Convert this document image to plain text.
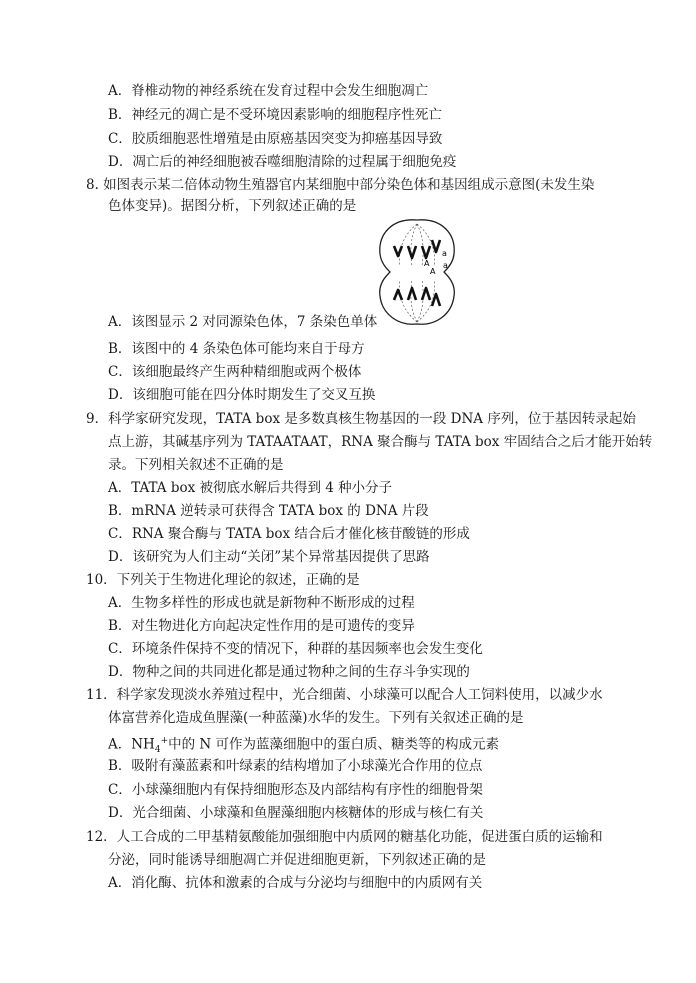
A．脊椎动物的神经系统在发育过程中会发生细胞凋亡
B．神经元的凋亡是不受环境因素影响的细胞程序性死亡
C．胶质细胞恶性增殖是由原癌基因突变为抑癌基因导致
D．凋亡后的神经细胞被吞噬细胞清除的过程属于细胞免疫
8. 如图表示某二倍体动物生殖器官内某细胞中部分染色体和基因组成示意图(未发生染
色体变异)。据图分析，下列叙述正确的是
a
a
A
A
A．该图显示 2 对同源染色体，7 条染色单体
B．该图中的 4 条染色体可能均来自于母方
C．该细胞最终产生两种精细胞或两个极体
D．该细胞可能在四分体时期发生了交叉互换
9．科学家研究发现，TATA box 是多数真核生物基因的一段 DNA 序列，位于基因转录起始
点上游，其碱基序列为 TATAATAAT，RNA 聚合酶与 TATA box 牢固结合之后才能开始转
录。下列相关叙述不正确的是
A．TATA box 被彻底水解后共得到 4 种小分子
B．mRNA 逆转录可获得含 TATA box 的 DNA 片段
C．RNA 聚合酶与 TATA box 结合后才催化核苷酸链的形成
D．该研究为人们主动“关闭”某个异常基因提供了思路
10．下列关于生物进化理论的叙述，正确的是
A．生物多样性的形成也就是新物种不断形成的过程
B．对生物进化方向起决定性作用的是可遗传的变异
C．环境条件保持不变的情况下，种群的基因频率也会发生变化
D．物种之间的共同进化都是通过物种之间的生存斗争实现的
11．科学家发现淡水养殖过程中，光合细菌、小球藻可以配合人工饲料使用，以减少水
体富营养化造成鱼腥藻(一种蓝藻)水华的发生。下列有关叙述正确的是
A．$NH_4^+$中的 N 可作为蓝藻细胞中的蛋白质、糖类等的构成元素
B．吸附有藻蓝素和叶绿素的结构增加了小球藻光合作用的位点
C．小球藻细胞内有保持细胞形态及内部结构有序性的细胞骨架
D．光合细菌、小球藻和鱼腥藻细胞内核糖体的形成与核仁有关
12．人工合成的二甲基精氨酸能加强细胞中内质网的糖基化功能，促进蛋白质的运输和
分泌，同时能诱导细胞凋亡并促进细胞更新，下列叙述正确的是
A．消化酶、抗体和激素的合成与分泌均与细胞中的内质网有关
